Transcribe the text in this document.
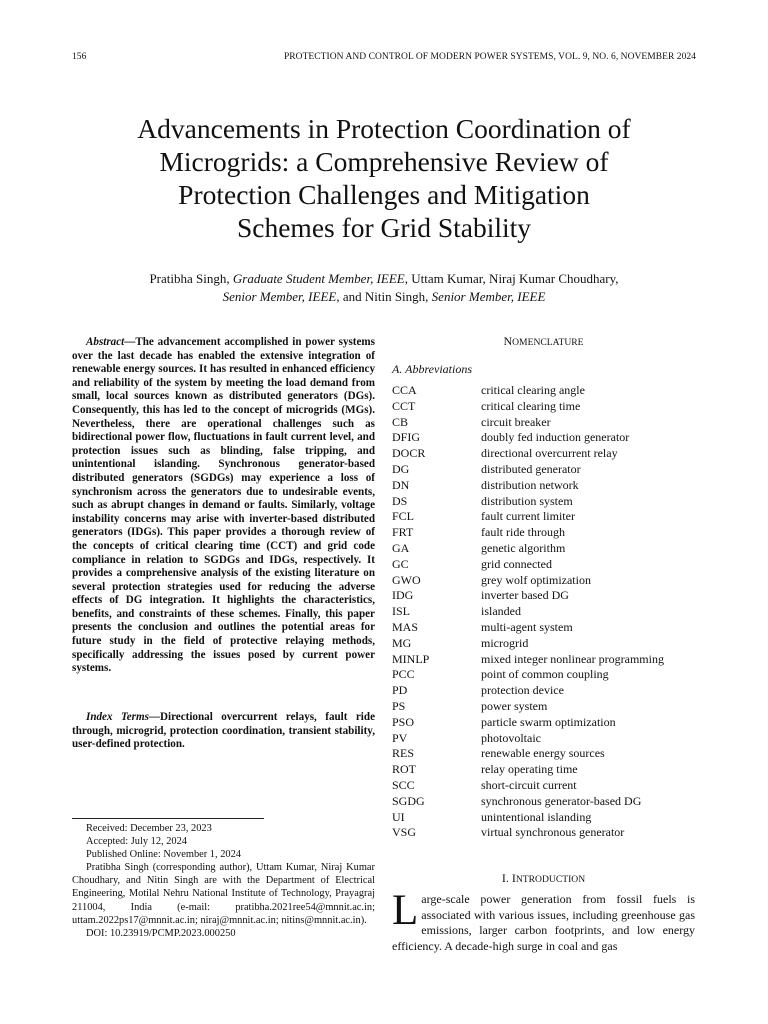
156	PROTECTION AND CONTROL OF MODERN POWER SYSTEMS, VOL. 9, NO. 6, NOVEMBER 2024
Advancements in Protection Coordination of
Microgrids: a Comprehensive Review of
Protection Challenges and Mitigation
Schemes for Grid Stability
Pratibha Singh, Graduate Student Member, IEEE, Uttam Kumar, Niraj Kumar Choudhary,
Senior Member, IEEE, and Nitin Singh, Senior Member, IEEE

Abstract—The advancement accomplished in power systems over the last decade has enabled the extensive integration of renewable energy sources. It has resulted in enhanced efficiency and reliability of the system by meeting the load demand from small, local sources known as distributed generators (DGs). Consequently, this has led to the concept of microgrids (MGs). Nevertheless, there are operational challenges such as bidirectional power flow, fluctuations in fault current level, and protection issues such as blinding, false tripping, and unintentional islanding. Synchronous generator-based distributed generators (SGDGs) may experience a loss of synchronism across the generators due to undesirable events, such as abrupt changes in demand or faults. Similarly, voltage instability concerns may arise with inverter-based distributed generators (IDGs). This paper provides a thorough review of the concepts of critical clearing time (CCT) and grid code compliance in relation to SGDGs and IDGs, respectively. It provides a comprehensive analysis of the existing literature on several protection strategies used for reducing the adverse effects of DG integration. It highlights the characteristics, benefits, and constraints of these schemes. Finally, this paper presents the conclusion and outlines the potential areas for future study in the field of protective relaying methods, specifically addressing the issues posed by current power systems.

Index Terms—Directional overcurrent relays, fault ride through, microgrid, protection coordination, transient stability, user-defined protection.

Received: December 23, 2023

Accepted: July 12, 2024

Published Online: November 1, 2024

Pratibha Singh (corresponding author), Uttam Kumar, Niraj Kumar Choudhary, and Nitin Singh are with the Department of Electrical Engineering, Motilal Nehru National Institute of Technology, Prayagraj 211004, India (e-mail: pratibha.2021ree54@mnnit.ac.in; uttam.2022ps17@mnnit.ac.in; niraj@mnnit.ac.in; nitins@mnnit.ac.in).

DOI: 10.23919/PCMP.2023.000250

NOMENCLATURE
A. Abbreviations
CCA	critical clearing angle
CCT	critical clearing time
CB	circuit breaker
DFIG	doubly fed induction generator
DOCR	directional overcurrent relay
DG	distributed generator
DN	distribution network
DS	distribution system
FCL	fault current limiter
FRT	fault ride through
GA	genetic algorithm
GC	grid connected
GWO	grey wolf optimization
IDG	inverter based DG
ISL	islanded
MAS	multi-agent system
MG	microgrid
MINLP	mixed integer nonlinear programming
PCC	point of common coupling
PD	protection device
PS	power system
PSO	particle swarm optimization
PV	photovoltaic
RES	renewable energy sources
ROT	relay operating time
SCC	short-circuit current
SGDG	synchronous generator-based DG
UI	unintentional islanding
VSG	virtual synchronous generator
I. INTRODUCTION

Large-scale power generation from fossil fuels is associated with various issues, including greenhouse gas emissions, larger carbon footprints, and low energy efficiency. A decade-high surge in coal and gas
